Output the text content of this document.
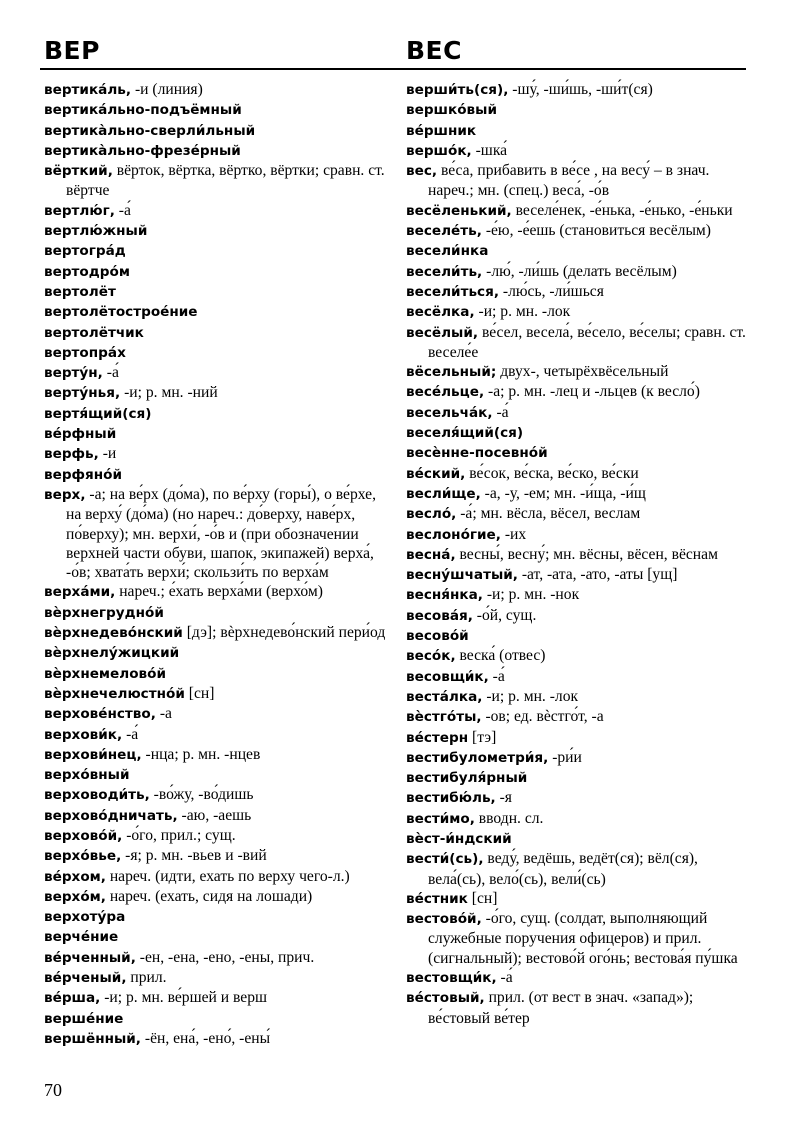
ВЕР	ВЕС

вертика́ль, -и (линия)

вертика́льно-подъёмный

вертика̀льно-сверли́льный

вертика̀льно-фрезе́рный

вёрткий, вёрток, вёртка, вёртко, вёртки; сравн. ст. вёртче

вертлю́г, -а́

вертлю́жный

вертогра́д

вертодро́м

вертолёт

вертолётострое́ние

вертолётчик

вертопра́х

верту́н, -а́

верту́нья, -и; р. мн. -ний

вертя́щий(ся)

ве́рфный

верфь, -и

верфяно́й

верх, -а; на ве́рх (до́ма), по ве́рху (горы́), о ве́рхе, на верху́ (до́ма) (но нареч.: до́верху, наве́рх, по́верху); мн. верхи́, -о́в и (при обозначении верхней части обуви, шапок, экипажей) верха́, -о́в; хвата́ть верхи́; скользи́ть по верха́м

верха́ми, нареч.; е́хать верха́ми (верхо́м)

вѐрхнегрудно́й

вѐрхнедево́нский [дэ]; вѐрхнедево́нский пери́од

вѐрхнелу́жицкий

вѐрхнемелово́й

вѐрхнечелюстно́й [сн]

верхове́нство, -а

верхови́к, -а́

верхови́нец, -нца; р. мн. -нцев

верхо́вный

верховоди́ть, -во́жу, -во́дишь

верхово́дничать, -аю, -аешь

верхово́й, -о́го, прил.; сущ.

верхо́вье, -я; р. мн. -вьев и -вий

ве́рхом, нареч. (идти, ехать по верху чего-л.)

верхо́м, нареч. (ехать, сидя на лошади)

верхоту́ра

верче́ние

ве́рченный, -ен, -ена, -ено, -ены, прич.

ве́рченый, прил.

ве́рша, -и; р. мн. ве́ршей и верш

верше́ние

вершённый, -ён, ена́, -ено́, -ены́

верши́ть(ся), -шу́, -ши́шь, -ши́т(ся)

вершко́вый

ве́ршник

вершо́к, -шка́

вес, ве́са, прибавить в ве́се , на весу́ – в знач. нареч.; мн. (спец.) веса́, -о́в

весёленький, веселе́нек, -е́нька, -е́нько, -е́ньки

веселе́ть, -е́ю, -е́ешь (становиться весёлым)

весели́нка

весели́ть, -лю́, -ли́шь (делать весёлым)

весели́ться, -лю́сь, -ли́шься

весёлка, -и; р. мн. -лок

весёлый, ве́сел, весела́, ве́село, ве́селы; сравн. ст. веселе́е

вёсельный; двух-, четырёхвёсельный

весе́льце, -а; р. мн. -лец и -льцев (к весло́)

весельча́к, -а́

веселя́щий(ся)

весѐнне-посевно́й

ве́ский, ве́сок, ве́ска, ве́ско, ве́ски

весли́ще, -а, -у, -ем; мн. -и́ща, -и́щ

весло́, -а́; мн. вёсла, вёсел, веслам

веслоно́гие, -их

весна́, весны́, весну́; мн. вёсны, вёсен, вёснам

весну́шчатый, -ат, -ата, -ато, -аты [ущ]

весня́нка, -и; р. мн. -нок

весова́я, -о́й, сущ.

весово́й

весо́к, веска́ (отвес)

весовщи́к, -а́

веста́лка, -и; р. мн. -лок

вѐстго́ты, -ов; ед. вѐстго́т, -а

ве́стерн [тэ]

вестибулометри́я, -ри́и

вестибуля́рный

вестибю́ль, -я

вести́мо, вводн. сл.

вѐст-и́ндский

вести́(сь), веду́, ведёшь, ведёт(ся); вёл(ся), вела́(сь), вело́(сь), вели́(сь)

ве́стник [сн]

вестово́й, -о́го, сущ. (солдат, выполняющий служебные поручения офицеров) и прил. (сигнальный); вестово́й ого́нь; вестова́я пу́шка

вестовщи́к, -а́

ве́стовый, прил. (от вест в знач. «запад»); ве́стовый ве́тер

70
